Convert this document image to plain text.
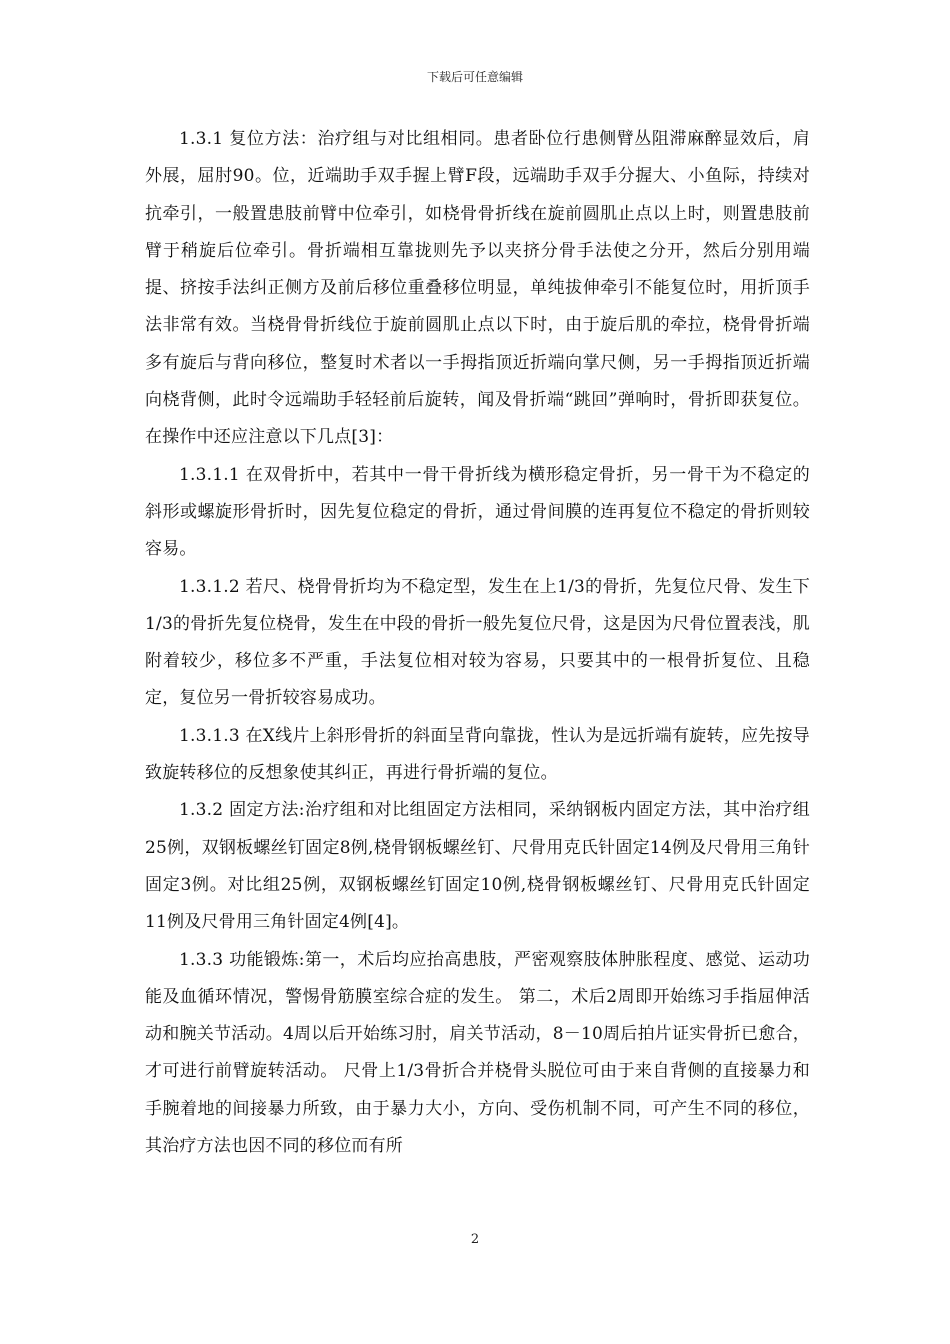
下载后可任意编辑

1.3.1 复位方法：治疗组与对比组相同。患者卧位行患侧臂丛阻滞麻醉显效后，肩外展，屈肘90。位，近端助手双手握上臂F段，远端助手双手分握大、小鱼际，持续对抗牵引，一般置患肢前臂中位牵引，如桡骨骨折线在旋前圆肌止点以上时，则置患肢前臂于稍旋后位牵引。骨折端相互靠拢则先予以夹挤分骨手法使之分开，然后分别用端提、挤按手法纠正侧方及前后移位重叠移位明显，单纯拔伸牵引不能复位时，用折顶手法非常有效。当桡骨骨折线位于旋前圆肌止点以下时，由于旋后肌的牵拉，桡骨骨折端多有旋后与背向移位，整复时术者以一手拇指顶近折端向掌尺侧，另一手拇指顶近折端向桡背侧，此时令远端助手轻轻前后旋转，闻及骨折端“跳回”弹响时，骨折即获复位。在操作中还应注意以下几点[3]：

1.3.1.1 在双骨折中，若其中一骨干骨折线为横形稳定骨折，另一骨干为不稳定的斜形或螺旋形骨折时，因先复位稳定的骨折，通过骨间膜的连再复位不稳定的骨折则较容易。

1.3.1.2 若尺、桡骨骨折均为不稳定型，发生在上1/3的骨折，先复位尺骨、发生下1/3的骨折先复位桡骨，发生在中段的骨折一般先复位尺骨，这是因为尺骨位置表浅，肌附着较少，移位多不严重，手法复位相对较为容易，只要其中的一根骨折复位、且稳定，复位另一骨折较容易成功。

1.3.1.3 在X线片上斜形骨折的斜面呈背向靠拢，性认为是远折端有旋转，应先按导致旋转移位的反想象使其纠正，再进行骨折端的复位。

1.3.2 固定方法:治疗组和对比组固定方法相同，采纳钢板内固定方法，其中治疗组25例，双钢板螺丝钉固定8例,桡骨钢板螺丝钉、尺骨用克氏针固定14例及尺骨用三角针固定3例。对比组25例，双钢板螺丝钉固定10例,桡骨钢板螺丝钉、尺骨用克氏针固定11例及尺骨用三角针固定4例[4]。

1.3.3 功能锻炼:第一，术后均应抬高患肢，严密观察肢体肿胀程度、感觉、运动功能及血循环情况，警惕骨筋膜室综合症的发生。 第二，术后2周即开始练习手指屈伸活动和腕关节活动。4周以后开始练习肘，肩关节活动，8－10周后拍片证实骨折已愈合，才可进行前臂旋转活动。 尺骨上1/3骨折合并桡骨头脱位可由于来自背侧的直接暴力和手腕着地的间接暴力所致，由于暴力大小，方向、受伤机制不同，可产生不同的移位，其治疗方法也因不同的移位而有所

2
